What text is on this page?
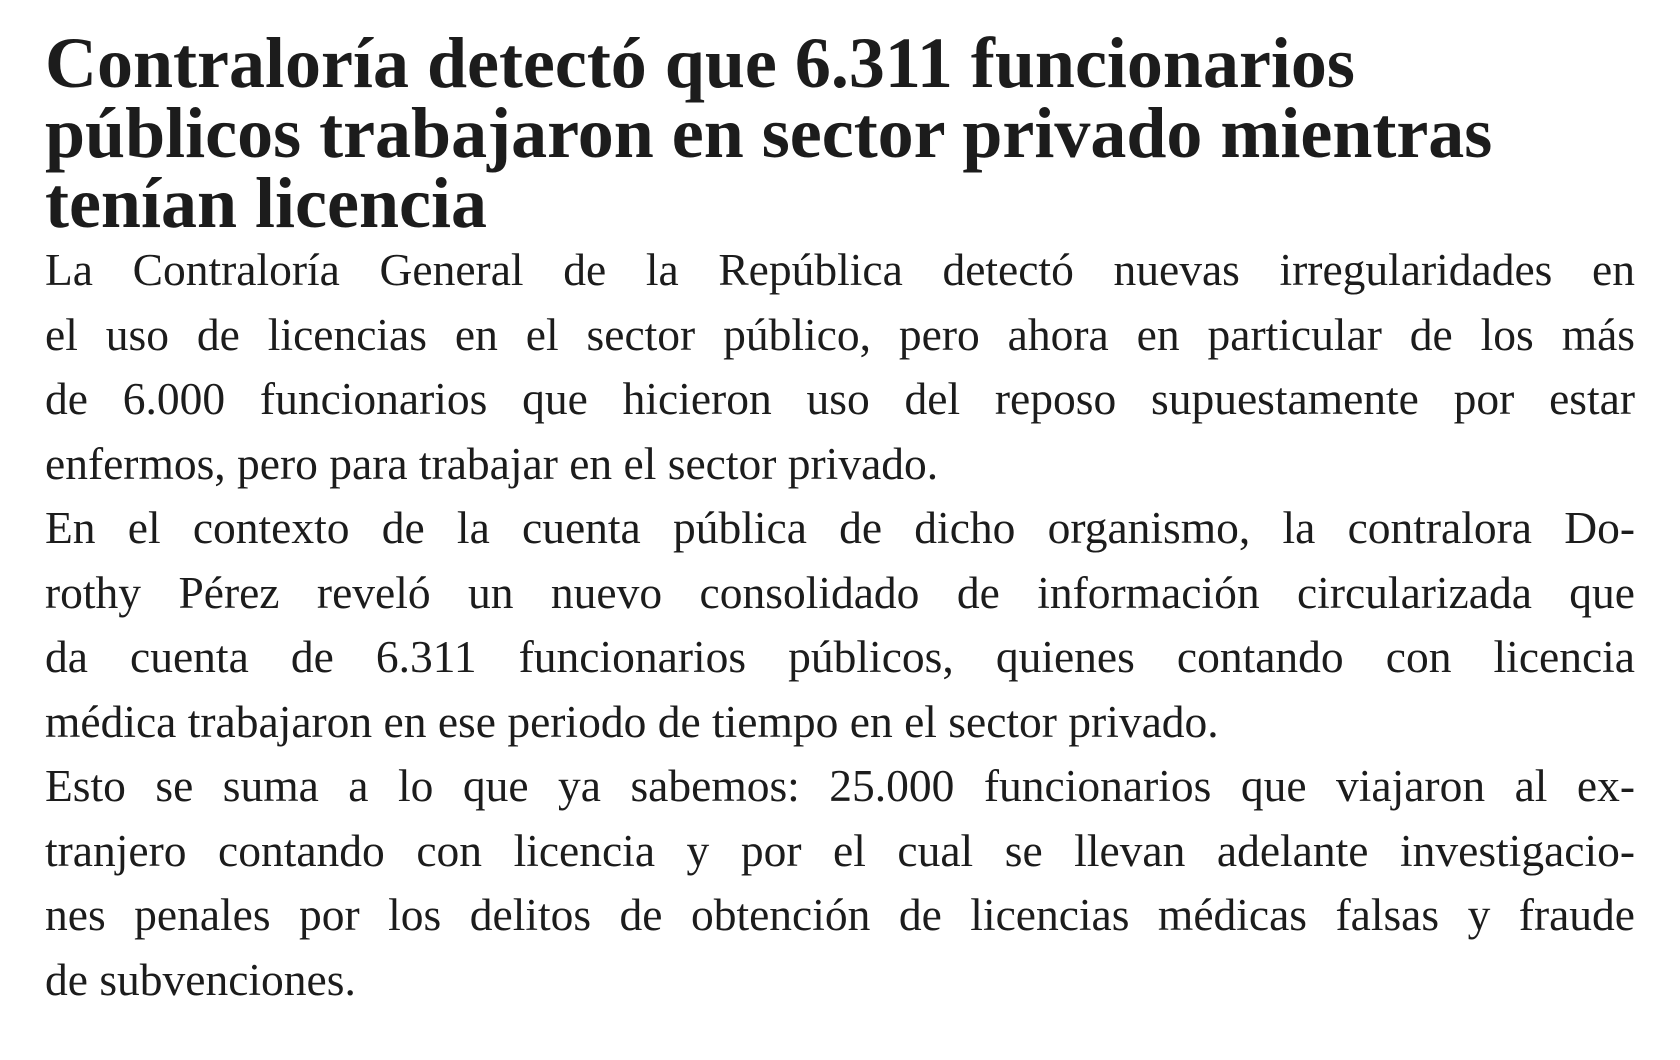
Contraloría detectó que 6.311 funcionarios
públicos trabajaron en sector privado mientras
tenían licencia

La Contraloría General de la República detectó nuevas irregularidades en
el uso de licencias en el sector público, pero ahora en particular de los más
de 6.000 funcionarios que hicieron uso del reposo supuestamente por estar
enfermos, pero para trabajar en el sector privado.

En el contexto de la cuenta pública de dicho organismo, la contralora Do-
rothy Pérez reveló un nuevo consolidado de información circularizada que
da cuenta de 6.311 funcionarios públicos, quienes contando con licencia
médica trabajaron en ese periodo de tiempo en el sector privado.

Esto se suma a lo que ya sabemos: 25.000 funcionarios que viajaron al ex-
tranjero contando con licencia y por el cual se llevan adelante investigacio-
nes penales por los delitos de obtención de licencias médicas falsas y fraude
de subvenciones.
